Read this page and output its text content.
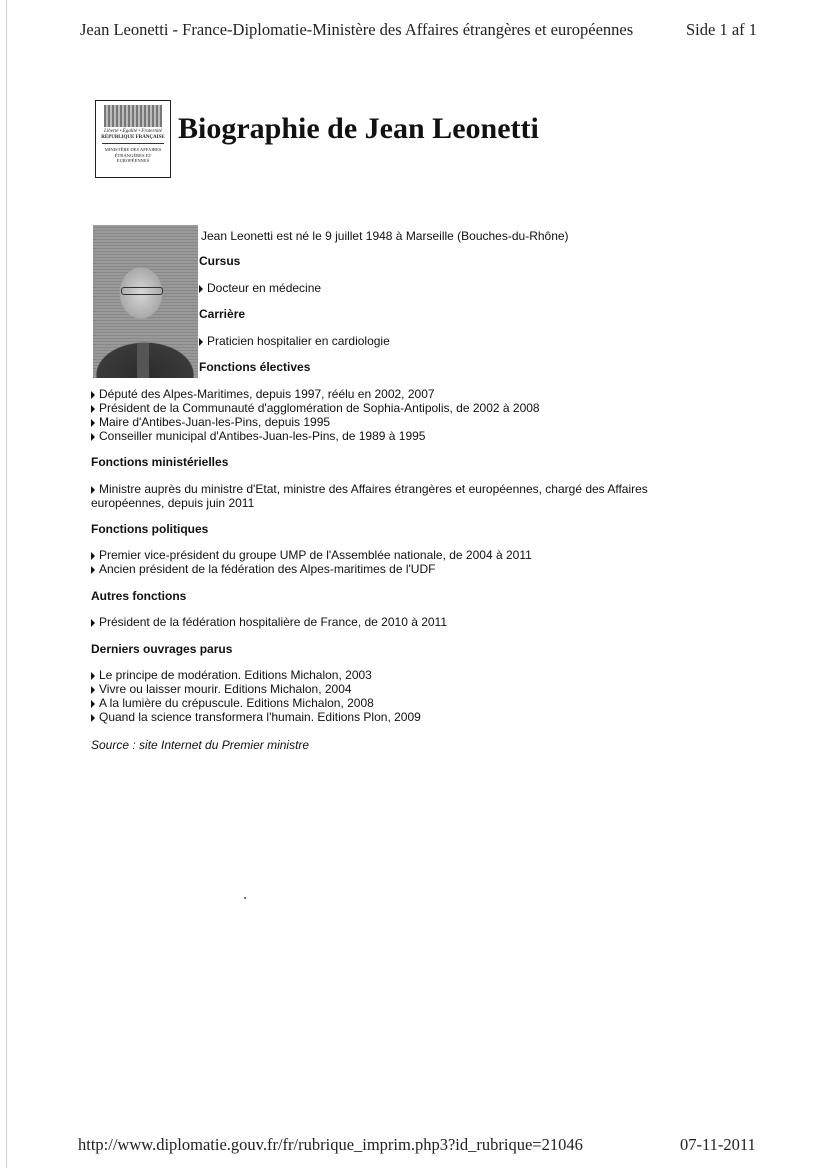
Jean Leonetti - France-Diplomatie-Ministère des Affaires étrangères et européennes	Side 1 af 1
Liberté • Égalité • Fraternité
RÉPUBLIQUE FRANÇAISE
MINISTÈRE DES AFFAIRES ÉTRANGÈRES ET EUROPÉENNES
Biographie de Jean Leonetti
Jean Leonetti est né le 9 juillet 1948 à Marseille (Bouches-du-Rhône)
Cursus
Docteur en médecine
Carrière
Praticien hospitalier en cardiologie
Fonctions électives
Député des Alpes-Maritimes, depuis 1997, réélu en 2002, 2007
Président de la Communauté d'agglomération de Sophia-Antipolis, de 2002 à 2008
Maire d'Antibes-Juan-les-Pins, depuis 1995
Conseiller municipal d'Antibes-Juan-les-Pins, de 1989 à 1995
Fonctions ministérielles
Ministre auprès du ministre d'Etat, ministre des Affaires étrangères et européennes, chargé des Affaires
européennes, depuis juin 2011
Fonctions politiques
Premier vice-président du groupe UMP de l'Assemblée nationale, de 2004 à 2011
Ancien président de la fédération des Alpes-maritimes de l'UDF
Autres fonctions
Président de la fédération hospitalière de France, de 2010 à 2011
Derniers ouvrages parus
Le principe de modération. Editions Michalon, 2003
Vivre ou laisser mourir. Editions Michalon, 2004
A la lumière du crépuscule. Editions Michalon, 2008
Quand la science transformera l'humain. Editions Plon, 2009
Source : site Internet du Premier ministre
http://www.diplomatie.gouv.fr/fr/rubrique_imprim.php3?id_rubrique=21046	07-11-2011
